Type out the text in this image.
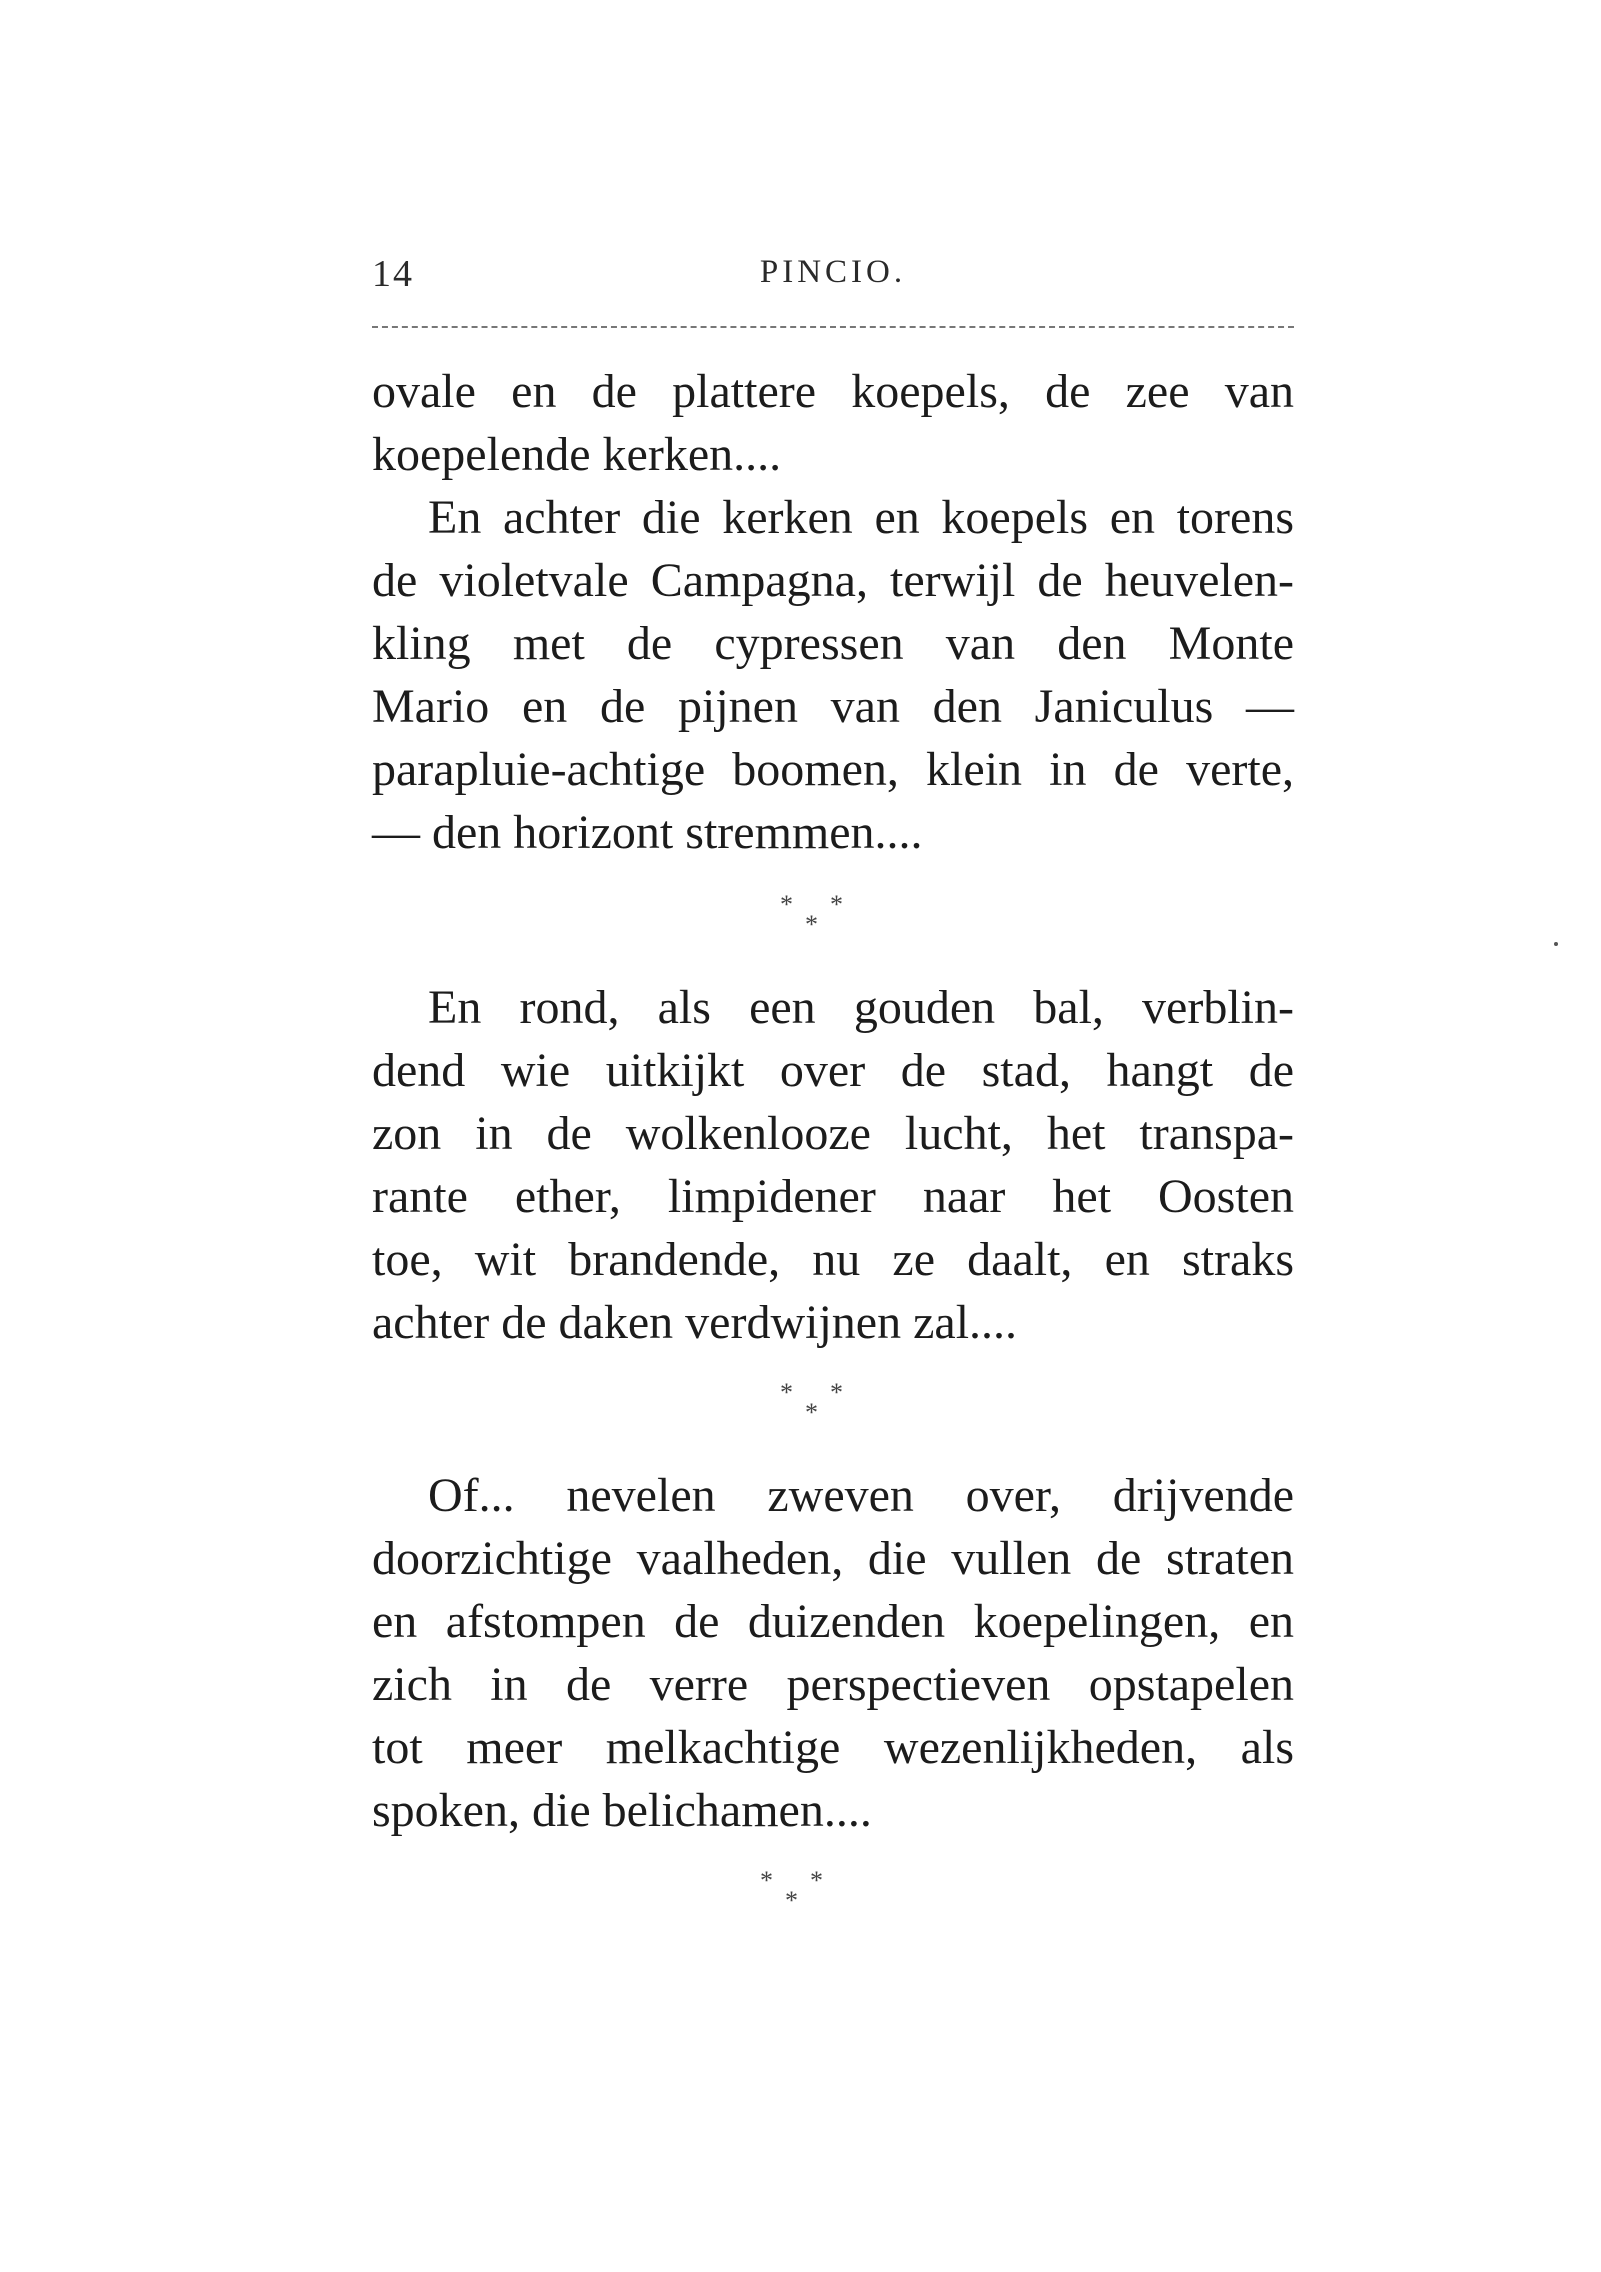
14	PINCIO.
ovale en de plattere koepels, de zee van
koepelende kerken....
En achter die kerken en koepels en torens
de violetvale Campagna, terwijl de heuvelen-
kling met de cypressen van den Monte
Mario en de pijnen van den Janiculus —
parapluie-achtige boomen, klein in de verte,
— den horizont stremmen....
* *
*
En rond, als een gouden bal, verblin-
dend wie uitkijkt over de stad, hangt de
zon in de wolkenlooze lucht, het transpa-
rante ether, limpidener naar het Oosten
toe, wit brandende, nu ze daalt, en straks
achter de daken verdwijnen zal....
* *
*
Of... nevelen zweven over, drijvende
doorzichtige vaalheden, die vullen de straten
en afstompen de duizenden koepelingen, en
zich in de verre perspectieven opstapelen
tot meer melkachtige wezenlijkheden, als
spoken, die belichamen....
* *
*
